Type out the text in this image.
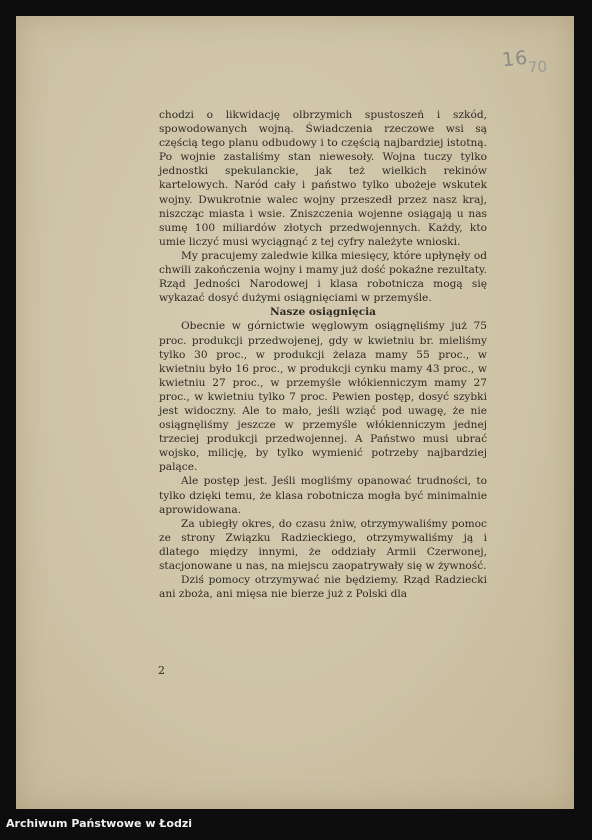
16
70

chodzi o likwidację olbrzymich spustoszeń i szkód, spowodowanych wojną. Świadczenia rzeczowe wsi są częścią tego planu odbudowy i to częścią najbardziej istotną. Po wojnie zastaliśmy stan niewesoły. Wojna tuczy tylko jednostki spekulanckie, jak też wielkich rekinów kartelowych. Naród cały i państwo tylko ubożeje wskutek wojny. Dwukrotnie walec wojny przeszedł przez nasz kraj, niszcząc miasta i wsie. Zniszczenia wojenne osiągają u nas sumę 100 miliardów złotych przedwojennych. Każdy, kto umie liczyć musi wyciągnąć z tej cyfry należyte wnioski.

My pracujemy zaledwie kilka miesięcy, które upłynęły od chwili zakończenia wojny i mamy już dość pokaźne rezultaty. Rząd Jedności Narodowej i klasa robotnicza mogą się wykazać dosyć dużymi osiągnięciami w przemyśle.

Nasze osiągnięcia

Obecnie w górnictwie węglowym osiągnęliśmy już 75 proc. produkcji przedwojenej, gdy w kwietniu br. mieliśmy tylko 30 proc., w produkcji żelaza mamy 55 proc., w kwietniu było 16 proc., w produkcji cynku mamy 43 proc., w kwietniu 27 proc., w przemyśle włókienniczym mamy 27 proc., w kwietniu tylko 7 proc. Pewien postęp, dosyć szybki jest widoczny. Ale to mało, jeśli wziąć pod uwagę, że nie osiągnęliśmy jeszcze w przemyśle włókienniczym jednej trzeciej produkcji przedwojennej. A Państwo musi ubrać wojsko, milicję, by tylko wymienić potrzeby najbardziej palące.

Ale postęp jest. Jeśli mogliśmy opanować trudności, to tylko dzięki temu, że klasa robotnicza mogła być minimalnie aprowidowana.

Za ubiegły okres, do czasu żniw, otrzymywaliśmy pomoc ze strony Związku Radzieckiego, otrzymywaliśmy ją i dlatego między innymi, że oddziały Armii Czerwonej, stacjonowane u nas, na miejscu zaopatrywały się w żywność.

Dziś pomocy otrzymywać nie będziemy. Rząd Radziecki ani zboża, ani mięsa nie bierze już z Polski dla

2
Archiwum Państwowe w Łodzi
